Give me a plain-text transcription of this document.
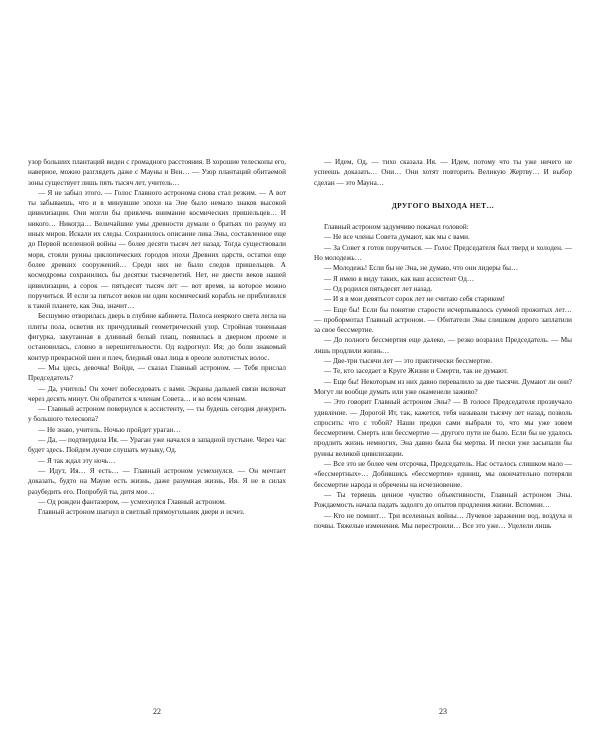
узор больших плантаций виден с громадного расстояния. В хорошие телескопы его, наверное, можно разглядеть даже с Мауны и Вен… — Узор плантаций обитаемой зоны существует лишь пять тысяч лет, учитель…

— Я не забыл этого. — Голос Главного астронома снова стал резким. — А вот ты забываешь, что и в минувшие эпохи на Эне было немало знаков высокой цивилизации. Они могли бы привлечь внимание космических пришельцев… И никого… Никогда… Величайшие умы древности думали о братьях по разуму из иных миров. Искали их следы. Сохранилось описание лика Эны, составленное еще до Первой вселенной войны — более десяти тысяч лет назад. Тогда существовали моря, стояли руины циклопических городов эпохи Древних царств, остатки еще более древних сооружений… Среди них не было следов пришельцев. А космодромы сохранились бы десятки тысячелетий. Нет, не двести веков нашей цивилизации, а сорок — пятьдесят тысяч лет — вот время, за которое можно поручиться. И если за пятьсот веков ни один космический корабль не приблизился к такой планете, как Эна, значит…

Бесшумно отворилась дверь в глубине кабинета. Полоса неяркого света легла на плиты пола, осветив их причудливый геометрический узор. Стройная тоненькая фигурка, закутанная в длинный белый плащ, появилась в дверном проеме и остановилась, словно в нерешительности. Од вздрогнул: Ия; до боли знакомый контур прекрасной шеи и плеч, бледный овал лица в ореоле золотистых волос.

— Мы здесь, девочка! Войди, — сказал Главный астроном. — Тебя прислал Председатель?

— Да, учитель! Он хочет побеседовать с вами. Экраны дальней связи включат через десять минут. Он обратится к членам Совета… и ко всем членам.

— Главный астроном повернулся к ассистенту, — ты будешь сегодня дежурить у большого телескопа?

— Не знаю, учитель. Ночью пройдет ураган…

— Да, — подтвердила Ия. — Ураган уже начался в западной пустыне. Через час будет здесь. Пойдем лучше слушать музыку, Од.

— Я так ждал эту ночь…

— Идут, Ия… Я есть… — Главный астроном усмехнулся. — Он мечтает доказать, будто на Мауне есть жизнь, даже разумная жизнь, Ия. Я не в силах разубедить его. Попробуй ты, дитя мое…

— Од рожден фантазером, — усмехнулся Главный астроном.

Главный астроном шагнул в светлый прямоугольник двери и исчез.

22

— Идем, Од, — тихо сказала Ия. — Идем, потому что ты уже ничего не успеешь доказать… Они… Они хотят повторить Великую Жертву… И выбор сделан — это Мауна…

ДРУГОГО ВЫХОДА НЕТ…

Главный астроном задумчиво покачал головой:

— Не все члены Совета думают, как мы с вами.

— За Совет я готов поручиться. — Голос Председателя был тверд и холоден. — Но молодежь…

— Молодежь! Если бы не Эна, не думаю, что они лидеры бы…

— Я имею в виду таких, как ваш ассистент Од…

— Од родился пятьдесят лет назад.

— И я в мои девятьсот сорок лет не считаю себя стариком!

— Еще бы! Если бы понятие старости исчерпывалось суммой прожитых лет… — пробормотал Главный астроном. — Обитатели Эны слишком дорого заплатили за свое бессмертие.

— До полного бессмертия еще далеко, — резко возразил Председатель. — Мы лишь продлили жизнь…

— Две-три тысячи лет — это практически бессмертие.

— Те, кто заседает в Круге Жизни и Смерти, так не думают.

— Еще бы! Некоторым из них давно перевалило за две тысячи. Думают ли они? Могут ли вообще думать или уже окаменели заживо?

— Это говорит Главный астроном Эны? — В голосе Председателя прозвучало удивление. — Дорогой Ит, так, кажется, тебя называли тысячу лет назад, позволь спросить: что с тобой? Наши предки сами выбрали то, что мы уже зовем бессмертием. Смерть или бессмертие — другого пути не было. Если бы не удалось продлить жизнь немногих, Эна давно была бы мертва. И пески уже засыпали бы руины великой цивилизации.

— Все это не более чем отсрочка, Председатель. Нас осталось слишком мало — «бессмертных»… Добившись «бессмертия» единиц, мы окончательно потеряли бессмертие народа и обречены на исчезновение.

— Ты теряешь ценное чувство объективности, Главный астроном Эны. Рождаемость начала падать задолго до опытов продления жизни. Вспомни…

— Кто не помнит… Три вселенных войны… Лучевое заражение вод, воздуха и почвы. Тяжелые изменения. Мы перестроили… Все это уже… Уцелели лишь

23
